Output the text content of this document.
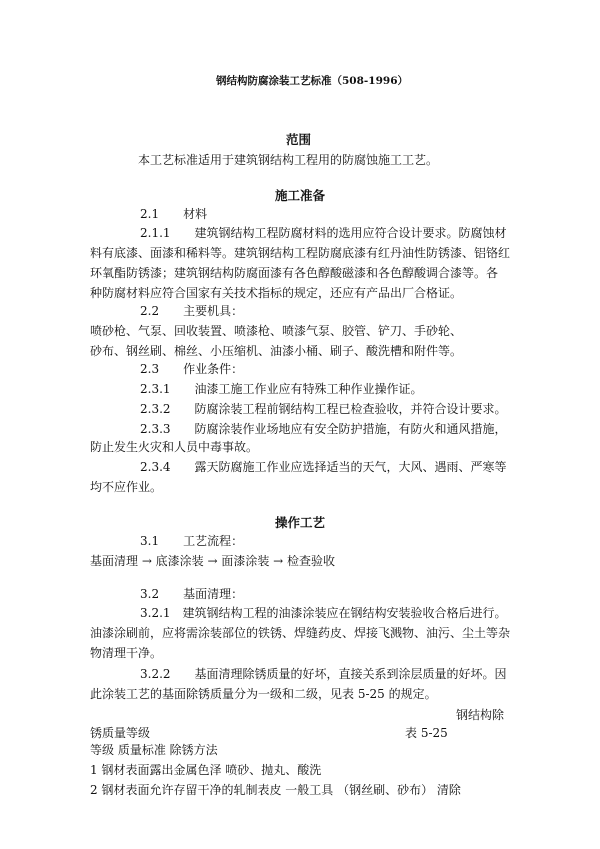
钢结构防腐涂装工艺标准（508-1996）
范围
本工艺标准适用于建筑钢结构工程用的防腐蚀施工工艺。
施工准备
2.1　　材料
2.1.1　　建筑钢结构工程防腐材料的选用应符合设计要求。防腐蚀材
料有底漆、面漆和稀料等。建筑钢结构工程防腐底漆有红丹油性防锈漆、铝铬红
环氧酯防锈漆；建筑钢结构防腐面漆有各色醇酸磁漆和各色醇酸调合漆等。各
种防腐材料应符合国家有关技术指标的规定，还应有产品出厂合格证。
2.2　　主要机具：
喷砂枪、气泵、回收装置、喷漆枪、喷漆气泵、胶管、铲刀、手砂轮、
砂布、钢丝刷、棉丝、小压缩机、油漆小桶、刷子、酸洗槽和附件等。
2.3　　作业条件：
2.3.1　　油漆工施工作业应有特殊工种作业操作证。
2.3.2　　防腐涂装工程前钢结构工程已检查验收，并符合设计要求。
2.3.3　　防腐涂装作业场地应有安全防护措施，有防火和通风措施，
防止发生火灾和人员中毒事故。
2.3.4　　露天防腐施工作业应选择适当的天气，大风、遇雨、严寒等
均不应作业。
操作工艺
3.1　　工艺流程：
基面清理 → 底漆涂装 → 面漆涂装 → 检查验收
3.2　　基面清理：
3.2.1　建筑钢结构工程的油漆涂装应在钢结构安装验收合格后进行。
油漆涂刷前，应将需涂装部位的铁锈、焊缝药皮、焊接飞溅物、油污、尘土等杂
物清理干净。
3.2.2　　基面清理除锈质量的好坏，直接关系到涂层质量的好坏。因
此涂装工艺的基面除锈质量分为一级和二级，见表 5-25 的规定。
钢结构除
锈质量等级	表 5-25
等级 质量标准 除锈方法
1 钢材表面露出金属色泽 喷砂、抛丸、酸洗
2 钢材表面允许存留干净的轧制表皮 一般工具 （钢丝刷、砂布） 清除
